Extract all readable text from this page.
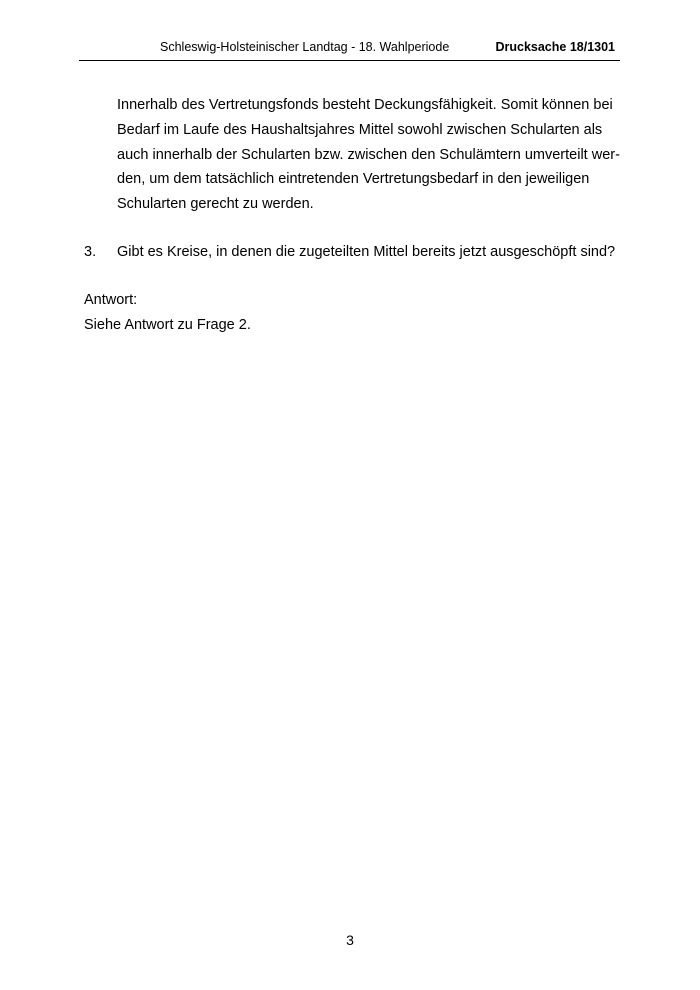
Schleswig-Holsteinischer Landtag - 18. Wahlperiode	Drucksache 18/1301
Innerhalb des Vertretungsfonds besteht Deckungsfähigkeit. Somit können bei
Bedarf im Laufe des Haushaltsjahres Mittel sowohl zwischen Schularten als
auch innerhalb der Schularten bzw. zwischen den Schulämtern umverteilt wer-
den, um dem tatsächlich eintretenden Vertretungsbedarf in den jeweiligen
Schularten gerecht zu werden.
3. Gibt es Kreise, in denen die zugeteilten Mittel bereits jetzt ausgeschöpft sind?
Antwort:
Siehe Antwort zu Frage 2.
3
